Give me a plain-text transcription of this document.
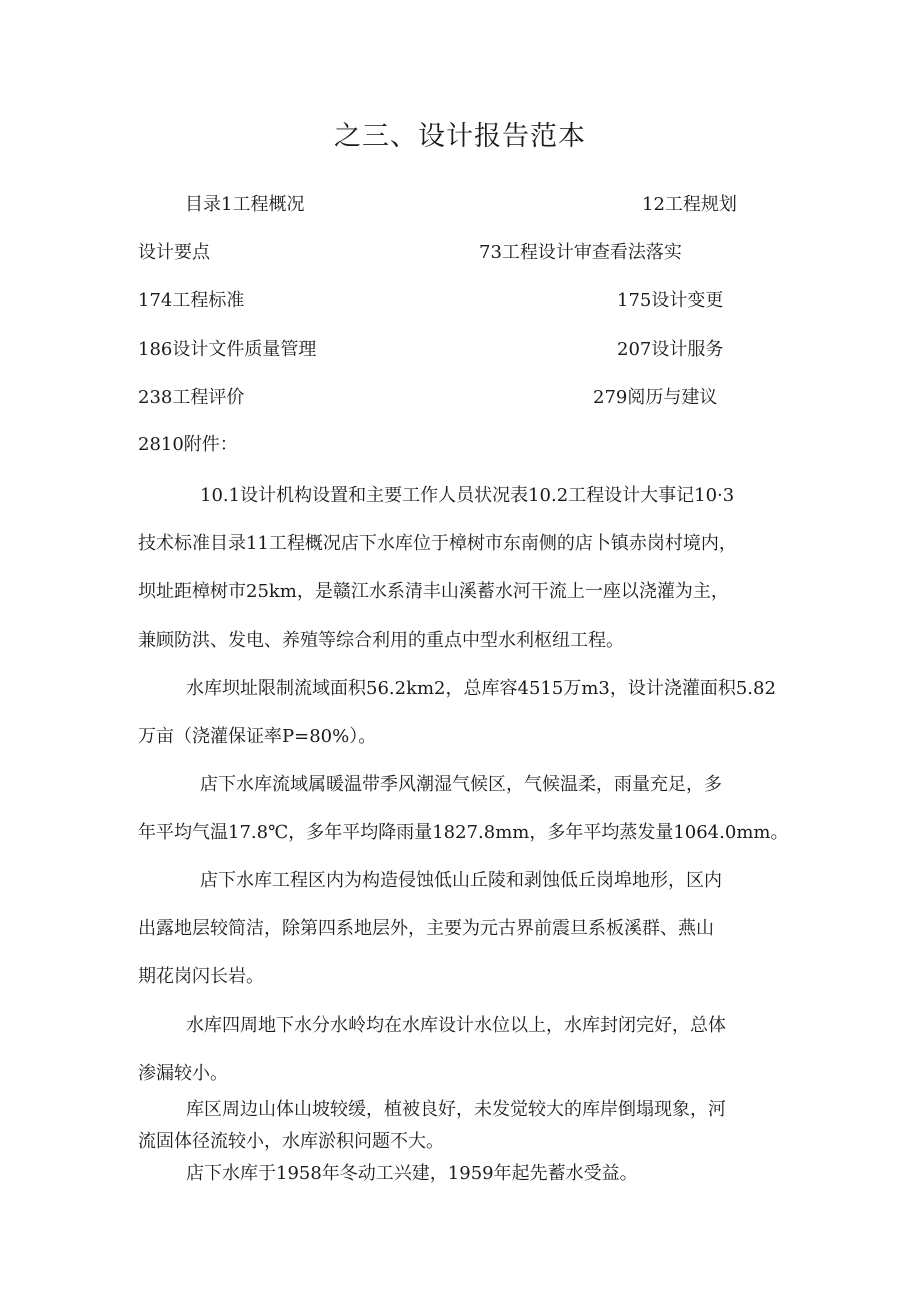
之三、设计报告范本
目录1工程概况	12工程规划
设计要点	73工程设计审查看法落实
174工程标准	175设计变更
186设计文件质量管理	207设计服务
238工程评价	279阅历与建议
2810附件：
10.1设计机构设置和主要工作人员状况表10.2工程设计大事记10·3
技术标准目录11工程概况店下水库位于樟树市东南侧的店卜镇赤岗村境内，
坝址距樟树市25km，是赣江水系清丰山溪蓄水河干流上一座以浇灌为主，
兼顾防洪、发电、养殖等综合利用的重点中型水利枢纽工程。
水库坝址限制流域面积56.2km2，总库容4515万m3，设计浇灌面积5.82
万亩（浇灌保证率P=80%）。
店下水库流域属暖温带季风潮湿气候区，气候温柔，雨量充足，多
年平均气温17.8℃，多年平均降雨量1827.8mm，多年平均蒸发量1064.0mm。
店下水库工程区内为构造侵蚀低山丘陵和剥蚀低丘岗埠地形，区内
出露地层较简洁，除第四系地层外，主要为元古界前震旦系板溪群、燕山
期花岗闪长岩。
水库四周地下水分水岭均在水库设计水位以上，水库封闭完好，总体
渗漏较小。
库区周边山体山坡较缓，植被良好，未发觉较大的库岸倒塌现象，河
流固体径流较小，水库淤积问题不大。
店下水库于1958年冬动工兴建，1959年起先蓄水受益。
